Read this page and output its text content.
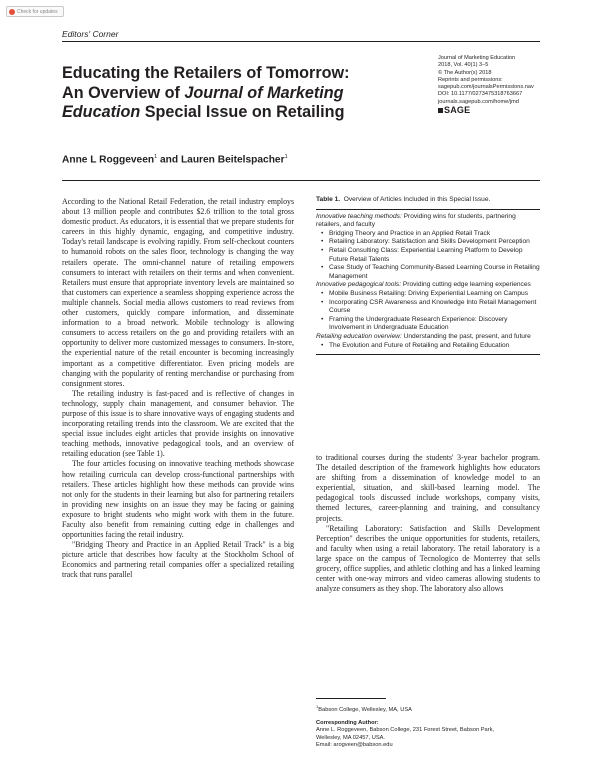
Check for updates
Editors' Corner
Journal of Marketing Education
2018, Vol. 40(1) 3–5
© The Author(s) 2018
Reprints and permissions:
sagepub.com/journalsPermissions.nav
DOI: 10.1177/0273475318763667
journals.sagepub.com/home/jmd
SAGE
Educating the Retailers of Tomorrow:
An Overview of Journal of Marketing
Education Special Issue on Retailing
Anne L Roggeveen$^1$ and Lauren Beitelspacher$^1$

According to the National Retail Federation, the retail industry employs about 13 million people and contributes $2.6 trillion to the total gross domestic product. As educators, it is essential that we prepare students for careers in this highly dynamic, engaging, and competitive industry. Today's retail landscape is evolving rapidly. From self-checkout counters to humanoid robots on the sales floor, technology is changing the way retailers operate. The omni-channel nature of retailing empowers consumers to interact with retailers on their terms and when convenient. Retailers must ensure that appropriate inventory levels are maintained so that customers can experience a seamless shopping experience across the multiple channels. Social media allows customers to read reviews from other customers, quickly compare information, and disseminate information to a broad network. Mobile technology is allowing consumers to access retailers on the go and providing retailers with an opportunity to deliver more customized messages to consumers. In-store, the experiential nature of the retail encounter is becoming increasingly important as a competitive differentiator. Even pricing models are changing with the popularity of renting merchandise or purchasing from consignment stores.

The retailing industry is fast-paced and is reflective of changes in technology, supply chain management, and consumer behavior. The purpose of this issue is to share innovative ways of engaging students and incorporating retailing trends into the classroom. We are excited that the special issue includes eight articles that provide insights on innovative teaching methods, innovative pedagogical tools, and an overview of retailing education (see Table 1).

The four articles focusing on innovative teaching methods showcase how retailing curricula can develop cross-functional partnerships with retailers. These articles highlight how these methods can provide wins not only for the students in their learning but also for partnering retailers in providing new insights on an issue they may be facing or gaining exposure to bright students who might work with them in the future. Faculty also benefit from remaining cutting edge in challenges and opportunities facing the retail industry.

"Bridging Theory and Practice in an Applied Retail Track" is a big picture article that describes how faculty at the Stockholm School of Economics and partnering retail companies offer a specialized retailing track that runs parallel

Table 1. Overview of Articles Included in this Special Issue.
Innovative teaching methods: Providing wins for students, partnering retailers, and faculty
• Bridging Theory and Practice in an Applied Retail Track
• Retailing Laboratory: Satisfaction and Skills Development Perception
• Retail Consulting Class: Experiential Learning Platform to Develop Future Retail Talents
• Case Study of Teaching Community-Based Learning Course in Retailing Management
Innovative pedagogical tools: Providing cutting edge learning experiences
• Mobile Business Retailing: Driving Experiential Learning on Campus
• Incorporating CSR Awareness and Knowledge Into Retail Management Course
• Framing the Undergraduate Research Experience: Discovery Involvement in Undergraduate Education
Retailing education overview: Understanding the past, present, and future
• The Evolution and Future of Retailing and Retailing Education

to traditional courses during the students' 3-year bachelor program. The detailed description of the framework highlights how educators are shifting from a dissemination of knowledge model to an experiential, situation, and skill-based learning model. The pedagogical tools discussed include workshops, company visits, themed lectures, career-planning and training, and consultancy projects.

"Retailing Laboratory: Satisfaction and Skills Development Perception" describes the unique opportunities for students, retailers, and faculty when using a retail laboratory. The retail laboratory is a large space on the campus of Tecnologico de Monterrey that sells grocery, office supplies, and athletic clothing and has a linked learning center with one-way mirrors and video cameras allowing students to analyze consumers as they shop. The laboratory also allows

$^1$Babson College, Wellesley, MA, USA
Corresponding Author:
Anne L. Roggeveen, Babson College, 231 Forest Street, Babson Park,
Wellesley, MA 02457, USA.
Email: arogveen@babson.edu
